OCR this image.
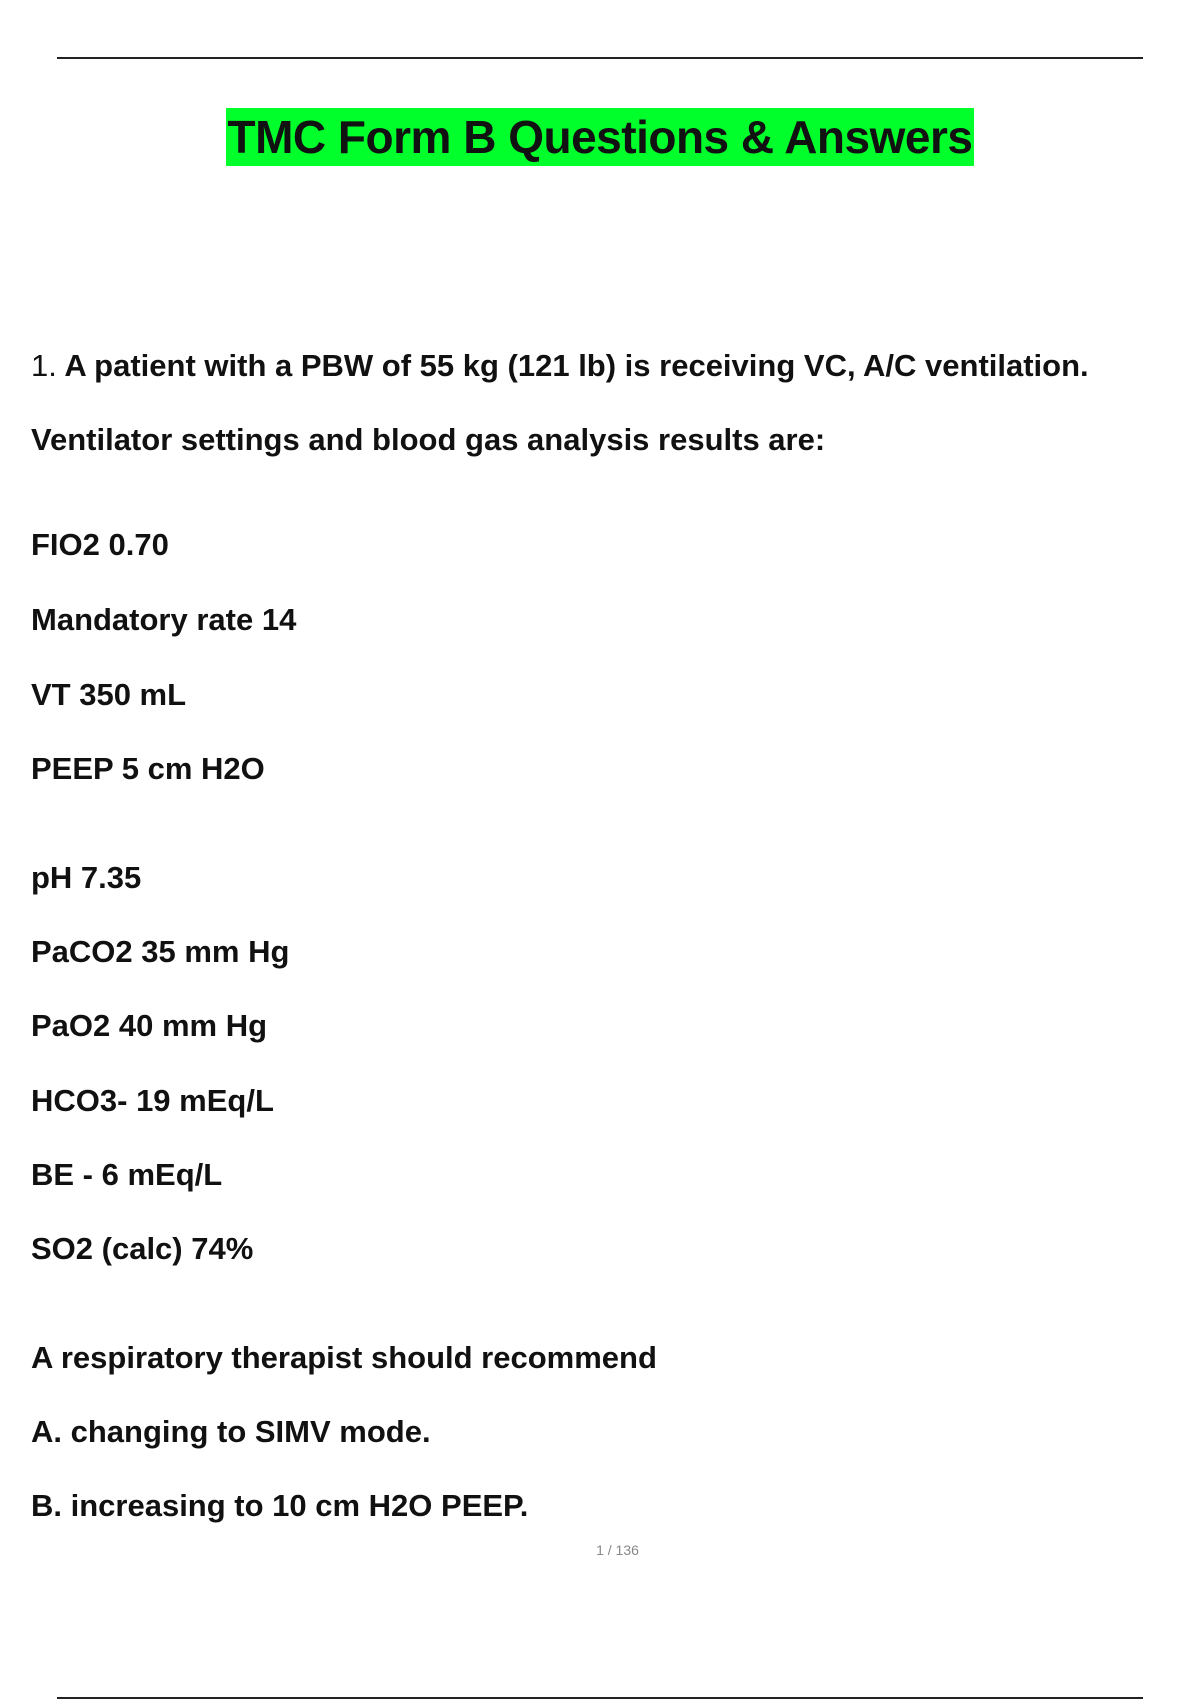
TMC Form B Questions & Answers
1. A patient with a PBW of 55 kg (121 lb) is receiving VC, A/C ventilation.
Ventilator settings and blood gas analysis results are:
FIO2 0.70
Mandatory rate 14
VT 350 mL
PEEP 5 cm H2O
pH 7.35
PaCO2 35 mm Hg
PaO2 40 mm Hg
HCO3- 19 mEq/L
BE - 6 mEq/L
SO2 (calc) 74%
A respiratory therapist should recommend
A. changing to SIMV mode.
B. increasing to 10 cm H2O PEEP.
1 / 136
